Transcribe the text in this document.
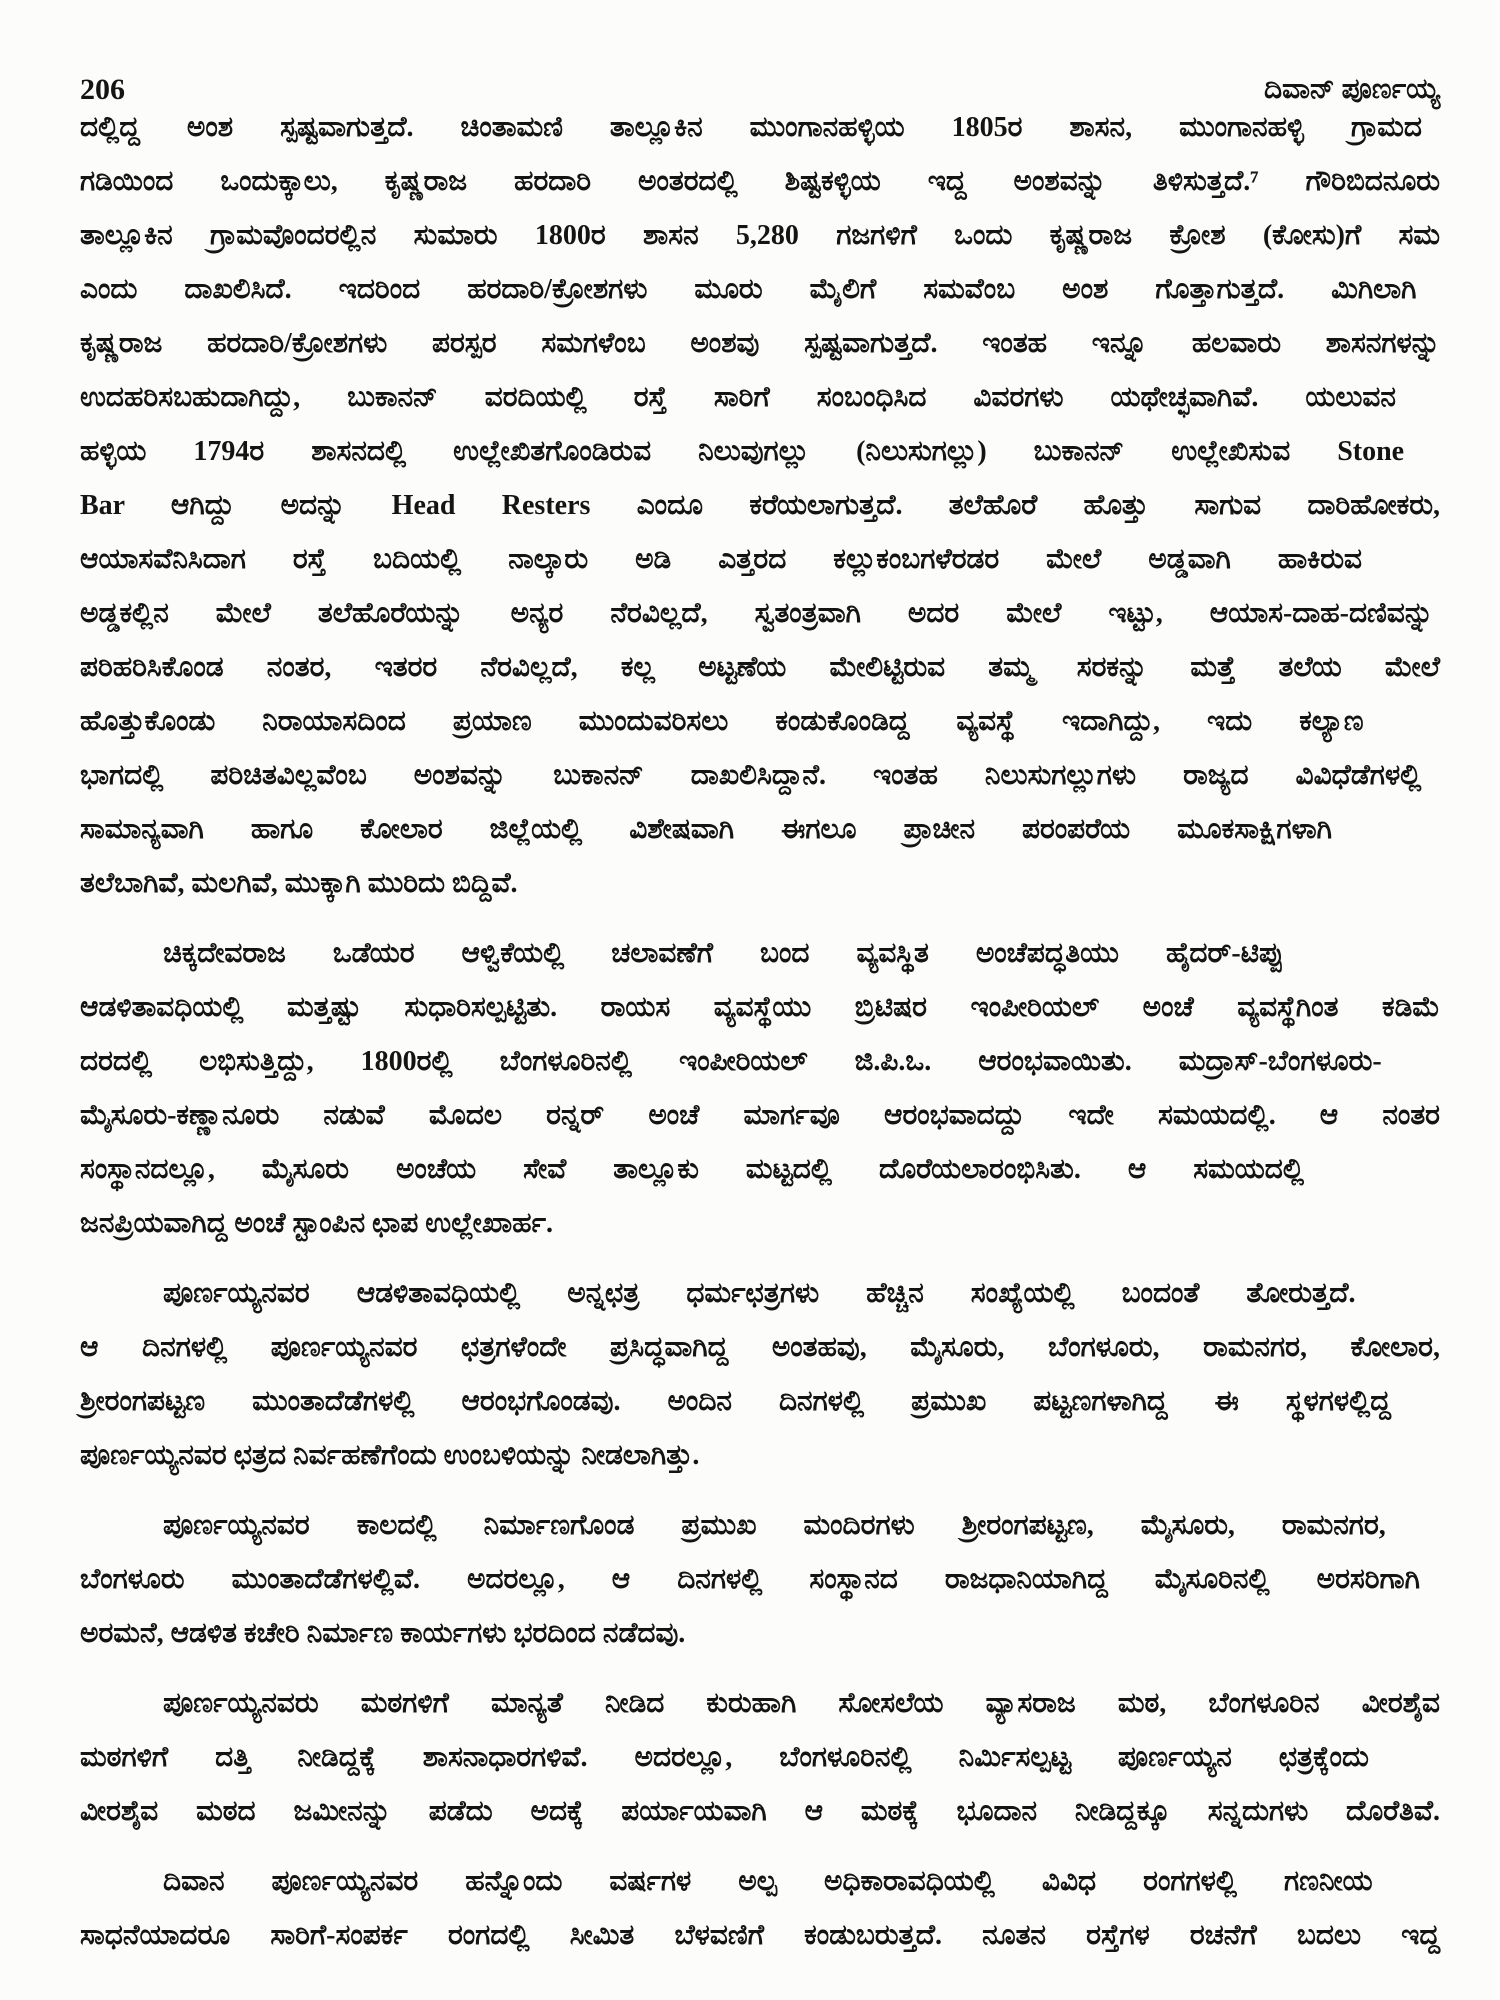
206	ದಿವಾನ್ ಪೂರ್ಣಯ್ಯ
ದಲ್ಲಿದ್ದ ಅಂಶ ಸ್ಪಷ್ಟವಾಗುತ್ತದೆ. ಚಿಂತಾಮಣಿ ತಾಲ್ಲೂಕಿನ ಮುಂಗಾನಹಳ್ಳಿಯ 1805ರ ಶಾಸನ, ಮುಂಗಾನಹಳ್ಳಿ ಗ್ರಾಮದ
ಗಡಿಯಿಂದ ಒಂದುಕ್ಕಾಲು, ಕೃಷ್ಣರಾಜ ಹರದಾರಿ ಅಂತರದಲ್ಲಿ ಶಿಷ್ಟಕಳ್ಳಿಯ ಇದ್ದ ಅಂಶವನ್ನು ತಿಳಿಸುತ್ತದೆ.⁷ ಗೌರಿಬಿದನೂರು
ತಾಲ್ಲೂಕಿನ ಗ್ರಾಮವೊಂದರಲ್ಲಿನ ಸುಮಾರು 1800ರ ಶಾಸನ 5,280 ಗಜಗಳಿಗೆ ಒಂದು ಕೃಷ್ಣರಾಜ ಕ್ರೋಶ (ಕೋಸು)ಗೆ ಸಮ
ಎಂದು ದಾಖಲಿಸಿದೆ. ಇದರಿಂದ ಹರದಾರಿ/ಕ್ರೋಶಗಳು ಮೂರು ಮೈಲಿಗೆ ಸಮವೆಂಬ ಅಂಶ ಗೊತ್ತಾಗುತ್ತದೆ. ಮಿಗಿಲಾಗಿ
ಕೃಷ್ಣರಾಜ ಹರದಾರಿ/ಕ್ರೋಶಗಳು ಪರಸ್ಪರ ಸಮಗಳೆಂಬ ಅಂಶವು ಸ್ಪಷ್ಟವಾಗುತ್ತದೆ. ಇಂತಹ ಇನ್ನೂ ಹಲವಾರು ಶಾಸನಗಳನ್ನು
ಉದಹರಿಸಬಹುದಾಗಿದ್ದು, ಬುಕಾನನ್ ವರದಿಯಲ್ಲಿ ರಸ್ತೆ ಸಾರಿಗೆ ಸಂಬಂಧಿಸಿದ ವಿವರಗಳು ಯಥೇಚ್ಛವಾಗಿವೆ. ಯಲುವನ
ಹಳ್ಳಿಯ 1794ರ ಶಾಸನದಲ್ಲಿ ಉಲ್ಲೇಖಿತಗೊಂಡಿರುವ ನಿಲುವುಗಲ್ಲು (ನಿಲುಸುಗಲ್ಲು) ಬುಕಾನನ್ ಉಲ್ಲೇಖಿಸುವ Stone
Bar ಆಗಿದ್ದು ಅದನ್ನು Head Resters ಎಂದೂ ಕರೆಯಲಾಗುತ್ತದೆ. ತಲೆಹೊರೆ ಹೊತ್ತು ಸಾಗುವ ದಾರಿಹೋಕರು,
ಆಯಾಸವೆನಿಸಿದಾಗ ರಸ್ತೆ ಬದಿಯಲ್ಲಿ ನಾಲ್ಕಾರು ಅಡಿ ಎತ್ತರದ ಕಲ್ಲುಕಂಬಗಳೆರಡರ ಮೇಲೆ ಅಡ್ಡವಾಗಿ ಹಾಕಿರುವ
ಅಡ್ಡಕಲ್ಲಿನ ಮೇಲೆ ತಲೆಹೊರೆಯನ್ನು ಅನ್ಯರ ನೆರವಿಲ್ಲದೆ, ಸ್ವತಂತ್ರವಾಗಿ ಅದರ ಮೇಲೆ ಇಟ್ಟು, ಆಯಾಸ-ದಾಹ-ದಣಿವನ್ನು
ಪರಿಹರಿಸಿಕೊಂಡ ನಂತರ, ಇತರರ ನೆರವಿಲ್ಲದೆ, ಕಲ್ಲ ಅಟ್ಟಣೆಯ ಮೇಲಿಟ್ಟಿರುವ ತಮ್ಮ ಸರಕನ್ನು ಮತ್ತೆ ತಲೆಯ ಮೇಲೆ
ಹೊತ್ತುಕೊಂಡು ನಿರಾಯಾಸದಿಂದ ಪ್ರಯಾಣ ಮುಂದುವರಿಸಲು ಕಂಡುಕೊಂಡಿದ್ದ ವ್ಯವಸ್ಥೆ ಇದಾಗಿದ್ದು, ಇದು ಕಲ್ಯಾಣ
ಭಾಗದಲ್ಲಿ ಪರಿಚಿತವಿಲ್ಲವೆಂಬ ಅಂಶವನ್ನು ಬುಕಾನನ್ ದಾಖಲಿಸಿದ್ದಾನೆ. ಇಂತಹ ನಿಲುಸುಗಲ್ಲುಗಳು ರಾಜ್ಯದ ವಿವಿಧೆಡೆಗಳಲ್ಲಿ
ಸಾಮಾನ್ಯವಾಗಿ ಹಾಗೂ ಕೋಲಾರ ಜಿಲ್ಲೆಯಲ್ಲಿ ವಿಶೇಷವಾಗಿ ಈಗಲೂ ಪ್ರಾಚೀನ ಪರಂಪರೆಯ ಮೂಕಸಾಕ್ಷಿಗಳಾಗಿ
ತಲೆಬಾಗಿವೆ, ಮಲಗಿವೆ, ಮುಕ್ಕಾಗಿ ಮುರಿದು ಬಿದ್ದಿವೆ.
ಚಿಕ್ಕದೇವರಾಜ ಒಡೆಯರ ಆಳ್ವಿಕೆಯಲ್ಲಿ ಚಲಾವಣೆಗೆ ಬಂದ ವ್ಯವಸ್ಥಿತ ಅಂಚೆಪದ್ಧತಿಯು ಹೈದರ್-ಟಿಪ್ಪು
ಆಡಳಿತಾವಧಿಯಲ್ಲಿ ಮತ್ತಷ್ಟು ಸುಧಾರಿಸಲ್ಪಟ್ಟಿತು. ರಾಯಸ ವ್ಯವಸ್ಥೆಯು ಬ್ರಿಟಿಷರ ಇಂಪೀರಿಯಲ್ ಅಂಚೆ ವ್ಯವಸ್ಥೆಗಿಂತ ಕಡಿಮೆ
ದರದಲ್ಲಿ ಲಭಿಸುತ್ತಿದ್ದು, 1800ರಲ್ಲಿ ಬೆಂಗಳೂರಿನಲ್ಲಿ ಇಂಪೀರಿಯಲ್ ಜಿ.ಪಿ.ಒ. ಆರಂಭವಾಯಿತು. ಮದ್ರಾಸ್-ಬೆಂಗಳೂರು-
ಮೈಸೂರು-ಕಣ್ಣಾನೂರು ನಡುವೆ ಮೊದಲ ರನ್ನರ್ ಅಂಚೆ ಮಾರ್ಗವೂ ಆರಂಭವಾದದ್ದು ಇದೇ ಸಮಯದಲ್ಲಿ. ಆ ನಂತರ
ಸಂಸ್ಥಾನದಲ್ಲೂ, ಮೈಸೂರು ಅಂಚೆಯ ಸೇವೆ ತಾಲ್ಲೂಕು ಮಟ್ಟದಲ್ಲಿ ದೊರೆಯಲಾರಂಭಿಸಿತು. ಆ ಸಮಯದಲ್ಲಿ
ಜನಪ್ರಿಯವಾಗಿದ್ದ ಅಂಚೆ ಸ್ಟಾಂಪಿನ ಛಾಪ ಉಲ್ಲೇಖಾರ್ಹ.
ಪೂರ್ಣಯ್ಯನವರ ಆಡಳಿತಾವಧಿಯಲ್ಲಿ ಅನ್ನಛತ್ರ ಧರ್ಮಛತ್ರಗಳು ಹೆಚ್ಚಿನ ಸಂಖ್ಯೆಯಲ್ಲಿ ಬಂದಂತೆ ತೋರುತ್ತದೆ.
ಆ ದಿನಗಳಲ್ಲಿ ಪೂರ್ಣಯ್ಯನವರ ಛತ್ರಗಳೆಂದೇ ಪ್ರಸಿದ್ಧವಾಗಿದ್ದ ಅಂತಹವು, ಮೈಸೂರು, ಬೆಂಗಳೂರು, ರಾಮನಗರ, ಕೋಲಾರ,
ಶ್ರೀರಂಗಪಟ್ಟಣ ಮುಂತಾದೆಡೆಗಳಲ್ಲಿ ಆರಂಭಗೊಂಡವು. ಅಂದಿನ ದಿನಗಳಲ್ಲಿ ಪ್ರಮುಖ ಪಟ್ಟಣಗಳಾಗಿದ್ದ ಈ ಸ್ಥಳಗಳಲ್ಲಿದ್ದ
ಪೂರ್ಣಯ್ಯನವರ ಛತ್ರದ ನಿರ್ವಹಣೆಗೆಂದು ಉಂಬಳಿಯನ್ನು ನೀಡಲಾಗಿತ್ತು.
ಪೂರ್ಣಯ್ಯನವರ ಕಾಲದಲ್ಲಿ ನಿರ್ಮಾಣಗೊಂಡ ಪ್ರಮುಖ ಮಂದಿರಗಳು ಶ್ರೀರಂಗಪಟ್ಟಣ, ಮೈಸೂರು, ರಾಮನಗರ,
ಬೆಂಗಳೂರು ಮುಂತಾದೆಡೆಗಳಲ್ಲಿವೆ. ಅದರಲ್ಲೂ, ಆ ದಿನಗಳಲ್ಲಿ ಸಂಸ್ಥಾನದ ರಾಜಧಾನಿಯಾಗಿದ್ದ ಮೈಸೂರಿನಲ್ಲಿ ಅರಸರಿಗಾಗಿ
ಅರಮನೆ, ಆಡಳಿತ ಕಚೇರಿ ನಿರ್ಮಾಣ ಕಾರ್ಯಗಳು ಭರದಿಂದ ನಡೆದವು.
ಪೂರ್ಣಯ್ಯನವರು ಮಠಗಳಿಗೆ ಮಾನ್ಯತೆ ನೀಡಿದ ಕುರುಹಾಗಿ ಸೋಸಲೆಯ ವ್ಯಾಸರಾಜ ಮಠ, ಬೆಂಗಳೂರಿನ ವೀರಶೈವ
ಮಠಗಳಿಗೆ ದತ್ತಿ ನೀಡಿದ್ದಕ್ಕೆ ಶಾಸನಾಧಾರಗಳಿವೆ. ಅದರಲ್ಲೂ, ಬೆಂಗಳೂರಿನಲ್ಲಿ ನಿರ್ಮಿಸಲ್ಪಟ್ಟ ಪೂರ್ಣಯ್ಯನ ಛತ್ರಕ್ಕೆಂದು
ವೀರಶೈವ ಮಠದ ಜಮೀನನ್ನು ಪಡೆದು ಅದಕ್ಕೆ ಪರ್ಯಾಯವಾಗಿ ಆ ಮಠಕ್ಕೆ ಭೂದಾನ ನೀಡಿದ್ದಕ್ಕೂ ಸನ್ನದುಗಳು ದೊರೆತಿವೆ.
ದಿವಾನ ಪೂರ್ಣಯ್ಯನವರ ಹನ್ನೊಂದು ವರ್ಷಗಳ ಅಲ್ಪ ಅಧಿಕಾರಾವಧಿಯಲ್ಲಿ ವಿವಿಧ ರಂಗಗಳಲ್ಲಿ ಗಣನೀಯ
ಸಾಧನೆಯಾದರೂ ಸಾರಿಗೆ-ಸಂಪರ್ಕ ರಂಗದಲ್ಲಿ ಸೀಮಿತ ಬೆಳವಣಿಗೆ ಕಂಡುಬರುತ್ತದೆ. ನೂತನ ರಸ್ತೆಗಳ ರಚನೆಗೆ ಬದಲು ಇದ್ದ
